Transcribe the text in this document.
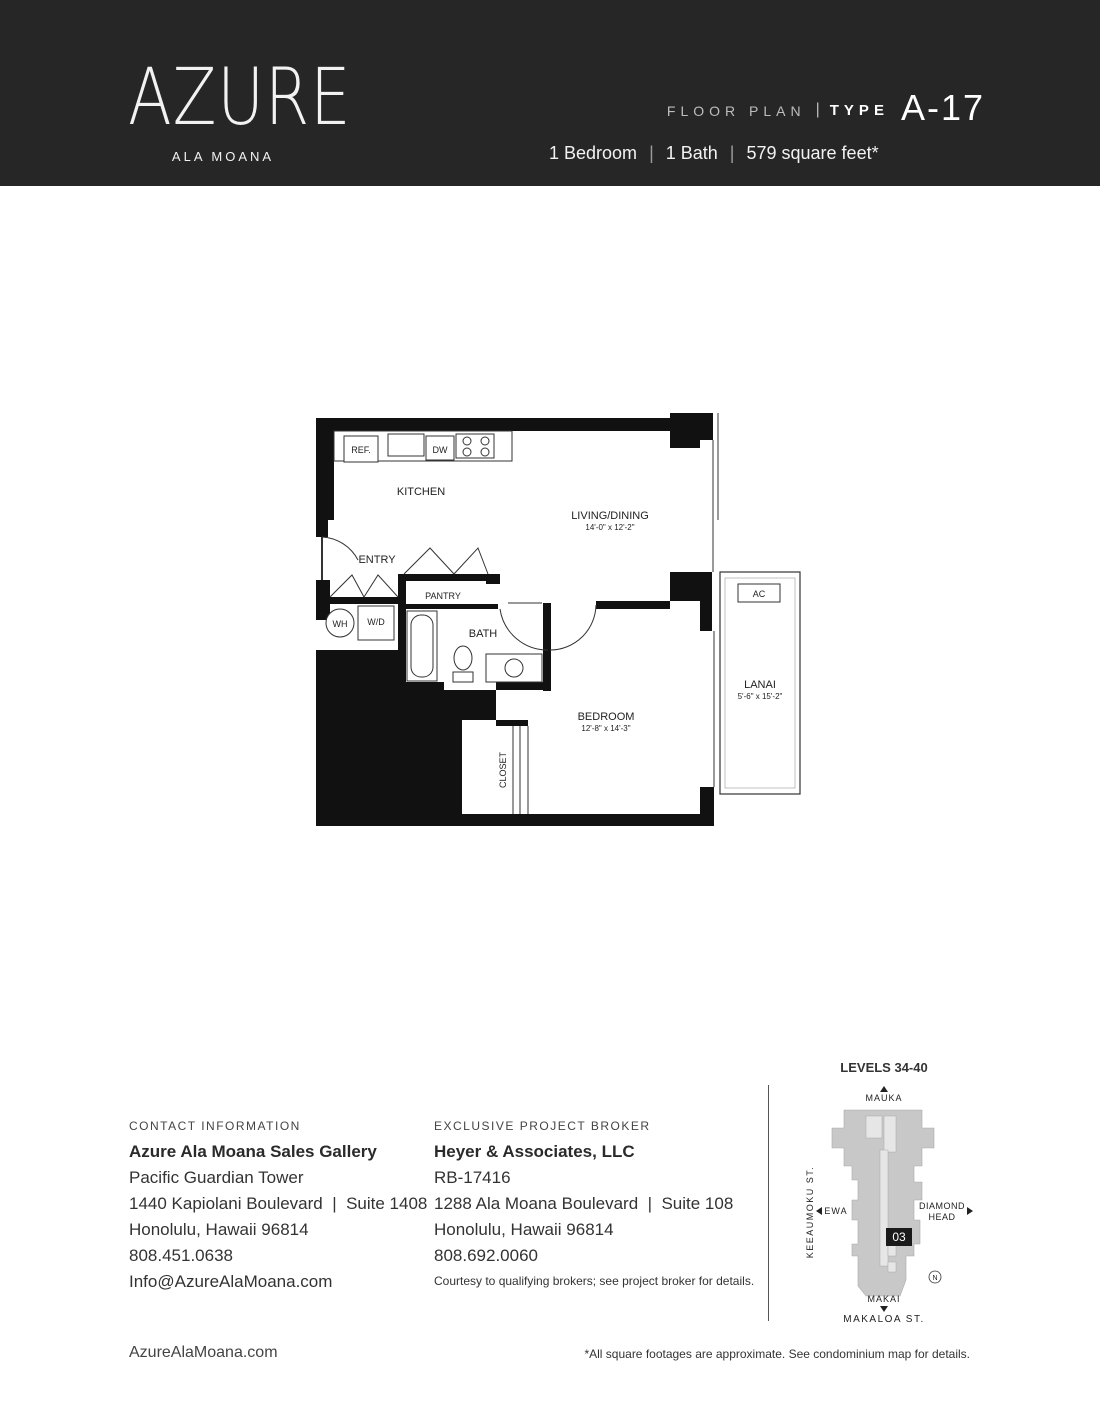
AZURE
ALA MOANA
FLOOR PLAN | TYPE A-17
1 Bedroom | 1 Bath | 579 square feet*
REF.	DW
KITCHEN
LIVING/DINING
14'-0" x 12'-2"
ENTRY
PANTRY
WH W/D
BATH
AC
LANAI
5'-6" x 15'-2"
BEDROOM
12'-8" x 14'-3"
CLOSET
CONTACT INFORMATION
Azure Ala Moana Sales Gallery
Pacific Guardian Tower
1440 Kapiolani Boulevard  |  Suite 1408
Honolulu, Hawaii 96814
808.451.0638
Info@AzureAlaMoana.com
EXCLUSIVE PROJECT BROKER
Heyer & Associates, LLC
RB-17416
1288 Ala Moana Boulevard  |  Suite 108
Honolulu, Hawaii 96814
808.692.0060
Courtesy to qualifying brokers; see project broker for details.
LEVELS 34-40
MAUKA
03
EWA	DIAMOND
HEAD
KEEAUMOKU ST.
N
MAKAI
MAKALOA ST.
AzureAlaMoana.com	*All square footages are approximate. See condominium map for details.
